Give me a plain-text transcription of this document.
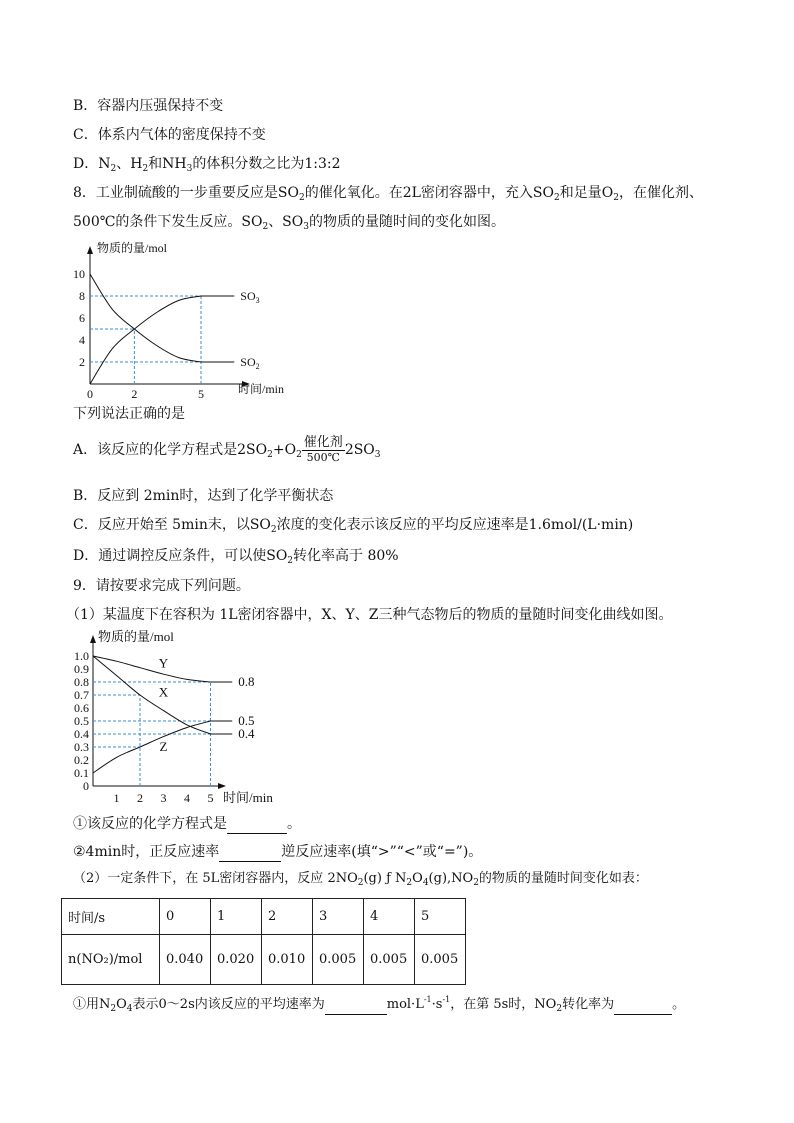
B．容器内压强保持不变
C．体系内气体的密度保持不变
D．$N_2$、$H_2$和$NH_3$的体积分数之比为1:3:2
8．工业制硫酸的一步重要反应是$SO_2$的催化氧化。在2L密闭容器中，充入$SO_2$和足量$O_2$，在催化剂、
500℃的条件下发生反应。$SO_2$、$SO_3$的物质的量随时间的变化如图。
物质的量/mol
时间/min
2
4
6
8
10
0	2	5
$SO_3$
$SO_2$
下列说法正确的是
A．该反应的化学方程式是$2SO_2+O_2 \frac{\text{催化剂}}{500℃} 2SO_3$
B．反应到 2min时，达到了化学平衡状态
C．反应开始至 5min末，以$SO_2$浓度的变化表示该反应的平均反应速率是1.6mol/(L·min)
D．通过调控反应条件，可以使$SO_2$转化率高于 80%
9．请按要求完成下列问题。
（1）某温度下在容积为 1L密闭容器中，X、Y、Z三种气态物后的物质的量随时间变化曲线如图。
物质的量/mol
时间/min
0
0.1
0.2
0.3
0.4
0.5
0.6
0.7
0.8
0.9
1.0
1 2 3 4 5
Y
0.8
X
0.4
Z
0.5
①该反应的化学方程式是	。
②4min时，正反应速率	逆反应速率(填“>”“<”或“=”)。
（2）一定条件下，在 5L密闭容器内，反应 $2NO_2(g)$ ƒ $N_2O_4(g),NO_2$的物质的量随时间变化如表：
时间/s	0	1	2	3	4	5
n(NO₂)/mol	0.040	0.020	0.010	0.005	0.005	0.005
①用$N_2O_4$表示0～2s内该反应的平均速率为	$mol\cdot L^{-1}\cdot s^{-1}$，在第 5s时，$NO_2$转化率为	。
